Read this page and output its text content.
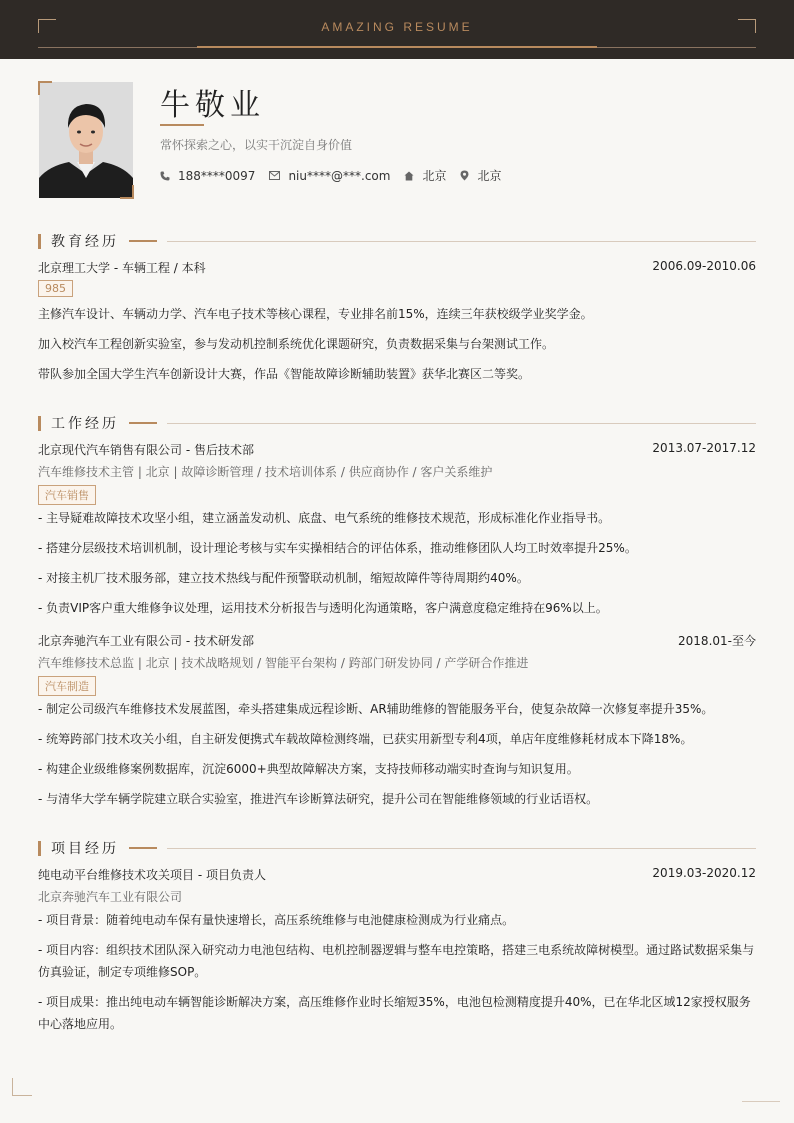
AMAZING RESUME
牛敬业
常怀探索之心，以实干沉淀自身价值
188****0097	niu****@***.com	北京	北京
教育经历
北京理工大学 - 车辆工程 / 本科	2006.09-2010.06
985
主修汽车设计、车辆动力学、汽车电子技术等核心课程，专业排名前15%，连续三年获校级学业奖学金。
加入校汽车工程创新实验室，参与发动机控制系统优化课题研究，负责数据采集与台架测试工作。
带队参加全国大学生汽车创新设计大赛，作品《智能故障诊断辅助装置》获华北赛区二等奖。
工作经历
北京现代汽车销售有限公司 - 售后技术部	2013.07-2017.12
汽车维修技术主管 | 北京 | 故障诊断管理 / 技术培训体系 / 供应商协作 / 客户关系维护
汽车销售
- 主导疑难故障技术攻坚小组，建立涵盖发动机、底盘、电气系统的维修技术规范，形成标准化作业指导书。
- 搭建分层级技术培训机制，设计理论考核与实车实操相结合的评估体系，推动维修团队人均工时效率提升25%。
- 对接主机厂技术服务部，建立技术热线与配件预警联动机制，缩短故障件等待周期约40%。
- 负责VIP客户重大维修争议处理，运用技术分析报告与透明化沟通策略，客户满意度稳定维持在96%以上。
北京奔驰汽车工业有限公司 - 技术研发部	2018.01-至今
汽车维修技术总监 | 北京 | 技术战略规划 / 智能平台架构 / 跨部门研发协同 / 产学研合作推进
汽车制造
- 制定公司级汽车维修技术发展蓝图，牵头搭建集成远程诊断、AR辅助维修的智能服务平台，使复杂故障一次修复率提升35%。
- 统筹跨部门技术攻关小组，自主研发便携式车载故障检测终端，已获实用新型专利4项，单店年度维修耗材成本下降18%。
- 构建企业级维修案例数据库，沉淀6000+典型故障解决方案，支持技师移动端实时查询与知识复用。
- 与清华大学车辆学院建立联合实验室，推进汽车诊断算法研究，提升公司在智能维修领域的行业话语权。
项目经历
纯电动平台维修技术攻关项目 - 项目负责人	2019.03-2020.12
北京奔驰汽车工业有限公司
- 项目背景：随着纯电动车保有量快速增长，高压系统维修与电池健康检测成为行业痛点。
- 项目内容：组织技术团队深入研究动力电池包结构、电机控制器逻辑与整车电控策略，搭建三电系统故障树模型。通过路试数据采集与仿真验证，制定专项维修SOP。
- 项目成果：推出纯电动车辆智能诊断解决方案，高压维修作业时长缩短35%，电池包检测精度提升40%，已在华北区域12家授权服务中心落地应用。
